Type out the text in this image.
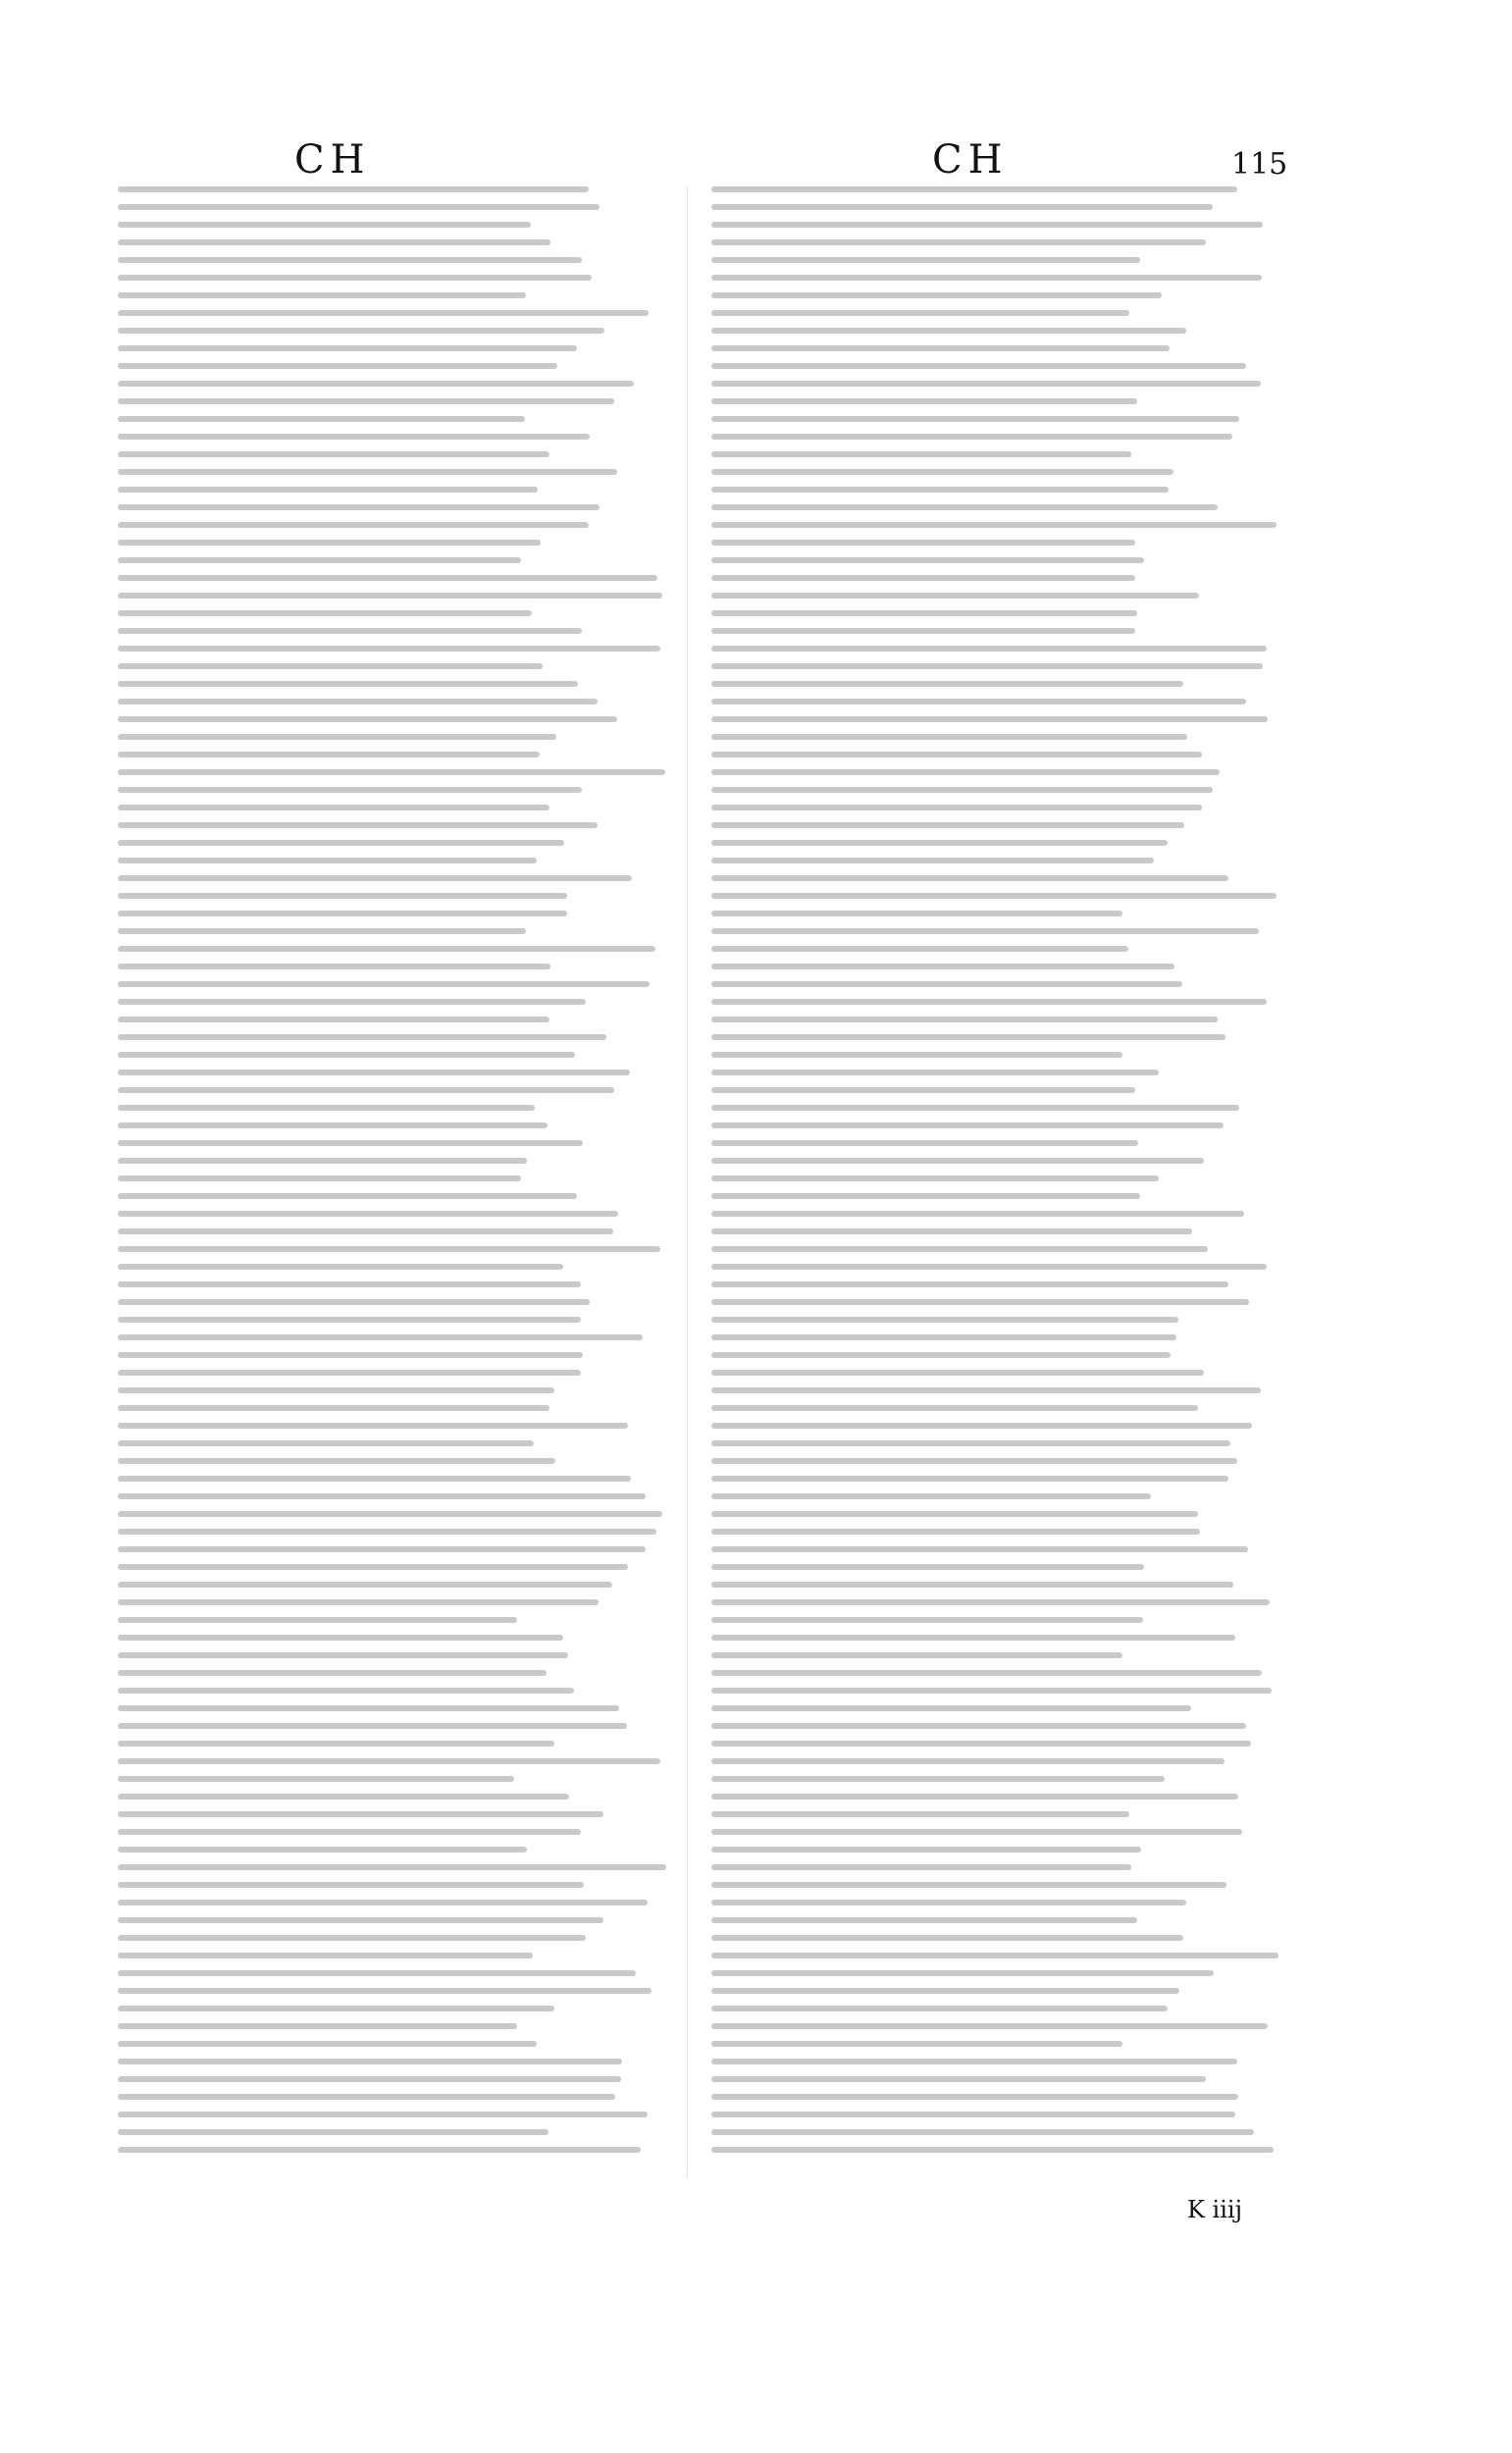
CH	CH	115
K iiij
